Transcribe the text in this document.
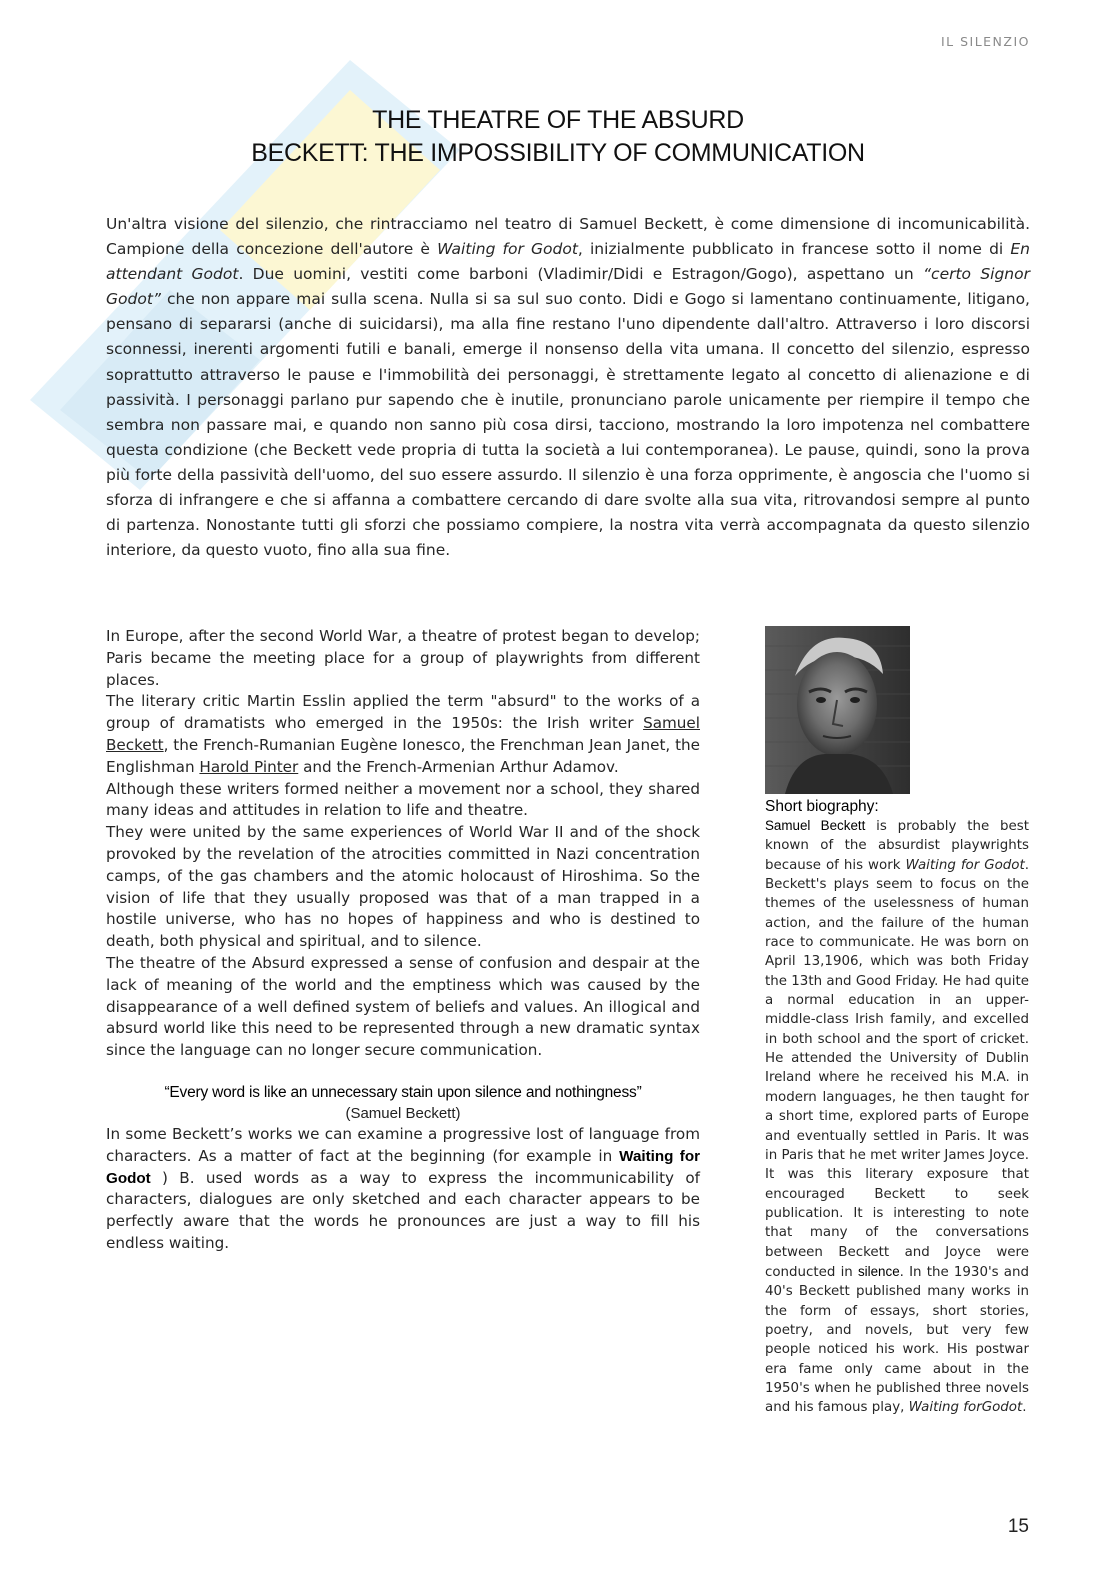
IL SILENZIO
THE THEATRE OF THE ABSURD
BECKETT: THE IMPOSSIBILITY OF COMMUNICATION

Un'altra visione del silenzio, che rintracciamo nel teatro di Samuel Beckett, è come dimensione di incomunicabilità. Campione della concezione dell'autore è Waiting for Godot, inizialmente pubblicato in francese sotto il nome di En attendant Godot. Due uomini, vestiti come barboni (Vladimir/Didi e Estragon/Gogo), aspettano un “certo Signor Godot” che non appare mai sulla scena. Nulla si sa sul suo conto. Didi e Gogo si lamentano continuamente, litigano, pensano di separarsi (anche di suicidarsi), ma alla fine restano l'uno dipendente dall'altro. Attraverso i loro discorsi sconnessi, inerenti argomenti futili e banali, emerge il nonsenso della vita umana. Il concetto del silenzio, espresso soprattutto attraverso le pause e l'immobilità dei personaggi, è strettamente legato al concetto di alienazione e di passività. I personaggi parlano pur sapendo che è inutile, pronunciano parole unicamente per riempire il tempo che sembra non passare mai, e quando non sanno più cosa dirsi, tacciono, mostrando la loro impotenza nel combattere questa condizione (che Beckett vede propria di tutta la società a lui contemporanea). Le pause, quindi, sono la prova più forte della passività dell'uomo, del suo essere assurdo. Il silenzio è una forza opprimente, è angoscia che l'uomo si sforza di infrangere e che si affanna a combattere cercando di dare svolte alla sua vita, ritrovandosi sempre al punto di partenza. Nonostante tutti gli sforzi che possiamo compiere, la nostra vita verrà accompagnata da questo silenzio interiore, da questo vuoto, fino alla sua fine.

In Europe, after the second World War, a theatre of protest began to develop; Paris became the meeting place for a group of playwrights from different places.

The literary critic Martin Esslin applied the term "absurd" to the works of a group of dramatists who emerged in the 1950s: the Irish writer Samuel Beckett, the French-Rumanian Eugène Ionesco, the Frenchman Jean Janet, the Englishman Harold Pinter and the French-Armenian Arthur Adamov.

Although these writers formed neither a movement nor a school, they shared many ideas and attitudes in relation to life and theatre.

They were united by the same experiences of World War II and of the shock provoked by the revelation of the atrocities committed in Nazi concentration camps, of the gas chambers and the atomic holocaust of Hiroshima. So the vision of life that they usually proposed was that of a man trapped in a hostile universe, who has no hopes of happiness and who is destined to death, both physical and spiritual, and to silence.

The theatre of the Absurd expressed a sense of confusion and despair at the lack of meaning of the world and the emptiness which was caused by the disappearance of a well defined system of beliefs and values. An illogical and absurd world like this need to be represented through a new dramatic syntax since the language can no longer secure communication.

“Every word is like an unnecessary stain upon silence and nothingness”
(Samuel Beckett)

In some Beckett’s works we can examine a progressive lost of language from characters. As a matter of fact at the beginning (for example in Waiting for Godot ) B. used words as a way to express the incommunicability of characters, dialogues are only sketched and each character appears to be perfectly aware that the words he pronounces are just a way to fill his endless waiting.

Short biography:

Samuel Beckett is probably the best known of the absurdist playwrights because of his work Waiting for Godot. Beckett's plays seem to focus on the themes of the uselessness of human action, and the failure of the human race to communicate. He was born on April 13,1906, which was both Friday the 13th and Good Friday. He had quite a normal education in an upper-middle-class Irish family, and excelled in both school and the sport of cricket. He attended the University of Dublin Ireland where he received his M.A. in modern languages, he then taught for a short time, explored parts of Europe and eventually settled in Paris. It was in Paris that he met writer James Joyce. It was this literary exposure that encouraged Beckett to seek publication. It is interesting to note that many of the conversations between Beckett and Joyce were conducted in silence. In the 1930's and 40's Beckett published many works in the form of essays, short stories, poetry, and novels, but very few people noticed his work. His postwar era fame only came about in the 1950's when he published three novels and his famous play, Waiting forGodot.

15
